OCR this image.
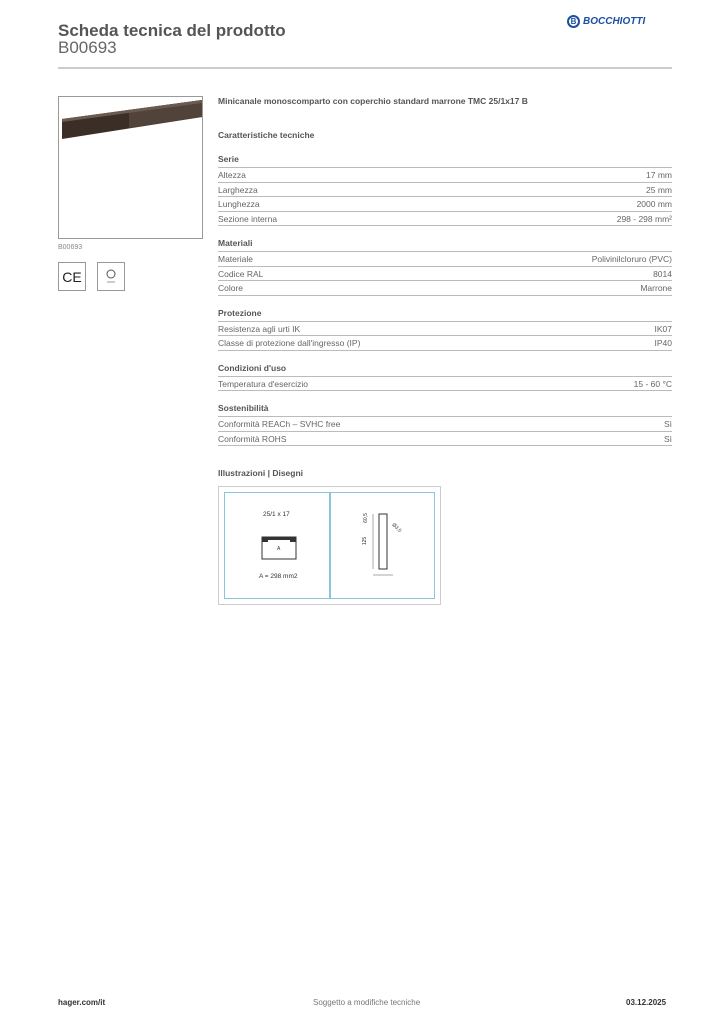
Scheda tecnica del prodotto
B00693
B BOCCHIOTTI
B00693
CE
Minicanale monoscomparto con coperchio standard marrone TMC 25/1x17 B
Caratteristiche tecniche
Serie
Altezza	17 mm
Larghezza	25 mm
Lunghezza	2000 mm
Sezione interna	298 - 298 mm²
Materiali
Materiale	Polivinilcloruro (PVC)
Codice RAL	8014
Colore	Marrone
Protezione
Resistenza agli urti IK	IK07
Classe di protezione dall'ingresso (IP)	IP40
Condizioni d'uso
Temperatura d'esercizio	15 - 60 °C
Sostenibilità
Conformità REACh – SVHC free	Sì
Conformità ROHS	Sì
Illustrazioni | Disegni
25/1 x 17
A
A = 298 mm2
60,5
125
Ø3,5
hager.com/it	Soggetto a modifiche tecniche	03.12.2025
